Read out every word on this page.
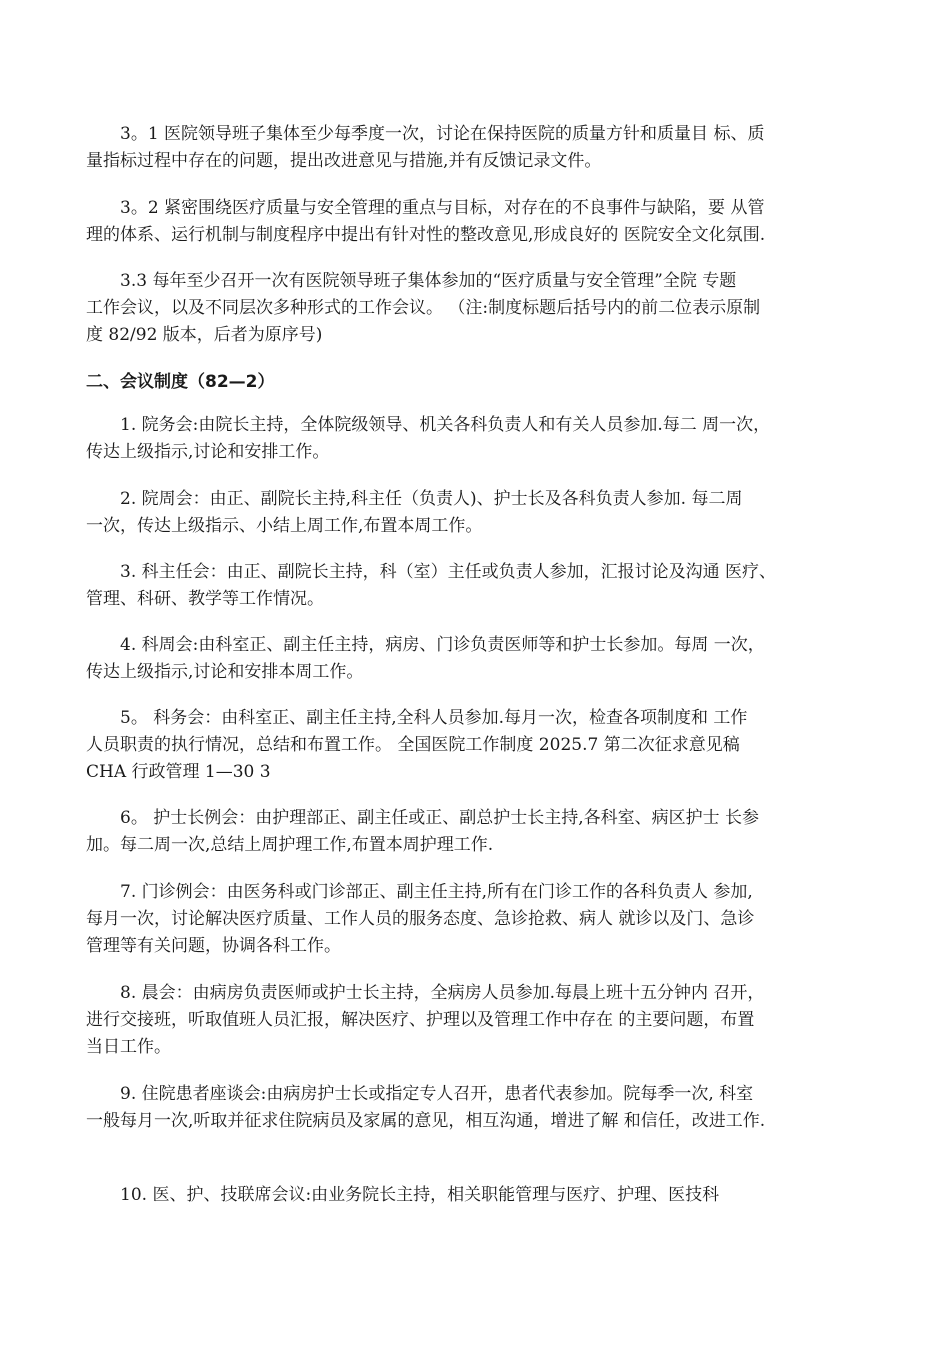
3。1 医院领导班子集体至少每季度一次，讨论在保持医院的质量方针和质量目 标、质
量指标过程中存在的问题，提出改进意见与措施,并有反馈记录文件。
3。2 紧密围绕医疗质量与安全管理的重点与目标，对存在的不良事件与缺陷，要 从管
理的体系、运行机制与制度程序中提出有针对性的整改意见,形成良好的 医院安全文化氛围.
3.3 每年至少召开一次有医院领导班子集体参加的“医疗质量与安全管理”全院 专题
工作会议，以及不同层次多种形式的工作会议。 （注:制度标题后括号内的前二位表示原制
度 82/92 版本，后者为原序号)
二、会议制度（82—2）
1. 院务会:由院长主持，全体院级领导、机关各科负责人和有关人员参加.每二 周一次，
传达上级指示,讨论和安排工作。
2. 院周会：由正、副院长主持,科主任（负责人)、护士长及各科负责人参加. 每二周
一次，传达上级指示、小结上周工作,布置本周工作。
3. 科主任会：由正、副院长主持，科（室）主任或负责人参加，汇报讨论及沟通 医疗、
管理、科研、教学等工作情况。
4. 科周会:由科室正、副主任主持，病房、门诊负责医师等和护士长参加。每周 一次，
传达上级指示,讨论和安排本周工作。
5。 科务会：由科室正、副主任主持,全科人员参加.每月一次，检查各项制度和 工作
人员职责的执行情况，总结和布置工作。 全国医院工作制度 2025.7 第二次征求意见稿
CHA 行政管理 1—30 3
6。 护士长例会：由护理部正、副主任或正、副总护士长主持,各科室、病区护士 长参
加。每二周一次,总结上周护理工作,布置本周护理工作.
7. 门诊例会：由医务科或门诊部正、副主任主持,所有在门诊工作的各科负责人 参加,
每月一次，讨论解决医疗质量、工作人员的服务态度、急诊抢救、病人 就诊以及门、急诊
管理等有关问题，协调各科工作。
8. 晨会：由病房负责医师或护士长主持，全病房人员参加.每晨上班十五分钟内 召开，
进行交接班，听取值班人员汇报，解决医疗、护理以及管理工作中存在 的主要问题，布置
当日工作。
9. 住院患者座谈会:由病房护士长或指定专人召开，患者代表参加。院每季一次, 科室
一般每月一次,听取并征求住院病员及家属的意见，相互沟通，增进了解 和信任，改进工作.
10. 医、护、技联席会议:由业务院长主持，相关职能管理与医疗、护理、医技科
